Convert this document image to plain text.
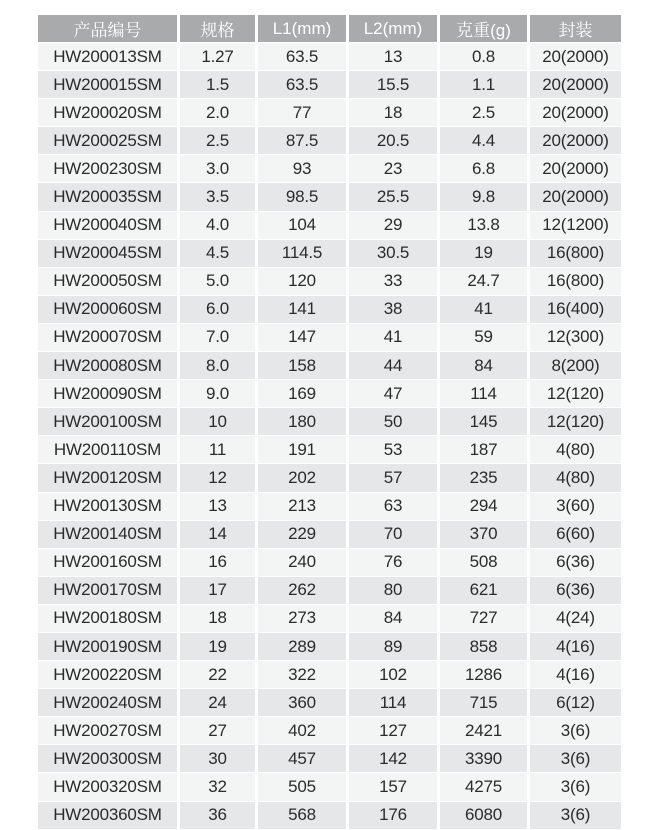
产品编号	规格	L1(mm)	L2(mm)	克重(g)	封装
HW200013SM	1.27	63.5	13	0.8	20(2000)
HW200015SM	1.5	63.5	15.5	1.1	20(2000)
HW200020SM	2.0	77	18	2.5	20(2000)
HW200025SM	2.5	87.5	20.5	4.4	20(2000)
HW200230SM	3.0	93	23	6.8	20(2000)
HW200035SM	3.5	98.5	25.5	9.8	20(2000)
HW200040SM	4.0	104	29	13.8	12(1200)
HW200045SM	4.5	114.5	30.5	19	16(800)
HW200050SM	5.0	120	33	24.7	16(800)
HW200060SM	6.0	141	38	41	16(400)
HW200070SM	7.0	147	41	59	12(300)
HW200080SM	8.0	158	44	84	8(200)
HW200090SM	9.0	169	47	114	12(120)
HW200100SM	10	180	50	145	12(120)
HW200110SM	11	191	53	187	4(80)
HW200120SM	12	202	57	235	4(80)
HW200130SM	13	213	63	294	3(60)
HW200140SM	14	229	70	370	6(60)
HW200160SM	16	240	76	508	6(36)
HW200170SM	17	262	80	621	6(36)
HW200180SM	18	273	84	727	4(24)
HW200190SM	19	289	89	858	4(16)
HW200220SM	22	322	102	1286	4(16)
HW200240SM	24	360	114	715	6(12)
HW200270SM	27	402	127	2421	3(6)
HW200300SM	30	457	142	3390	3(6)
HW200320SM	32	505	157	4275	3(6)
HW200360SM	36	568	176	6080	3(6)
